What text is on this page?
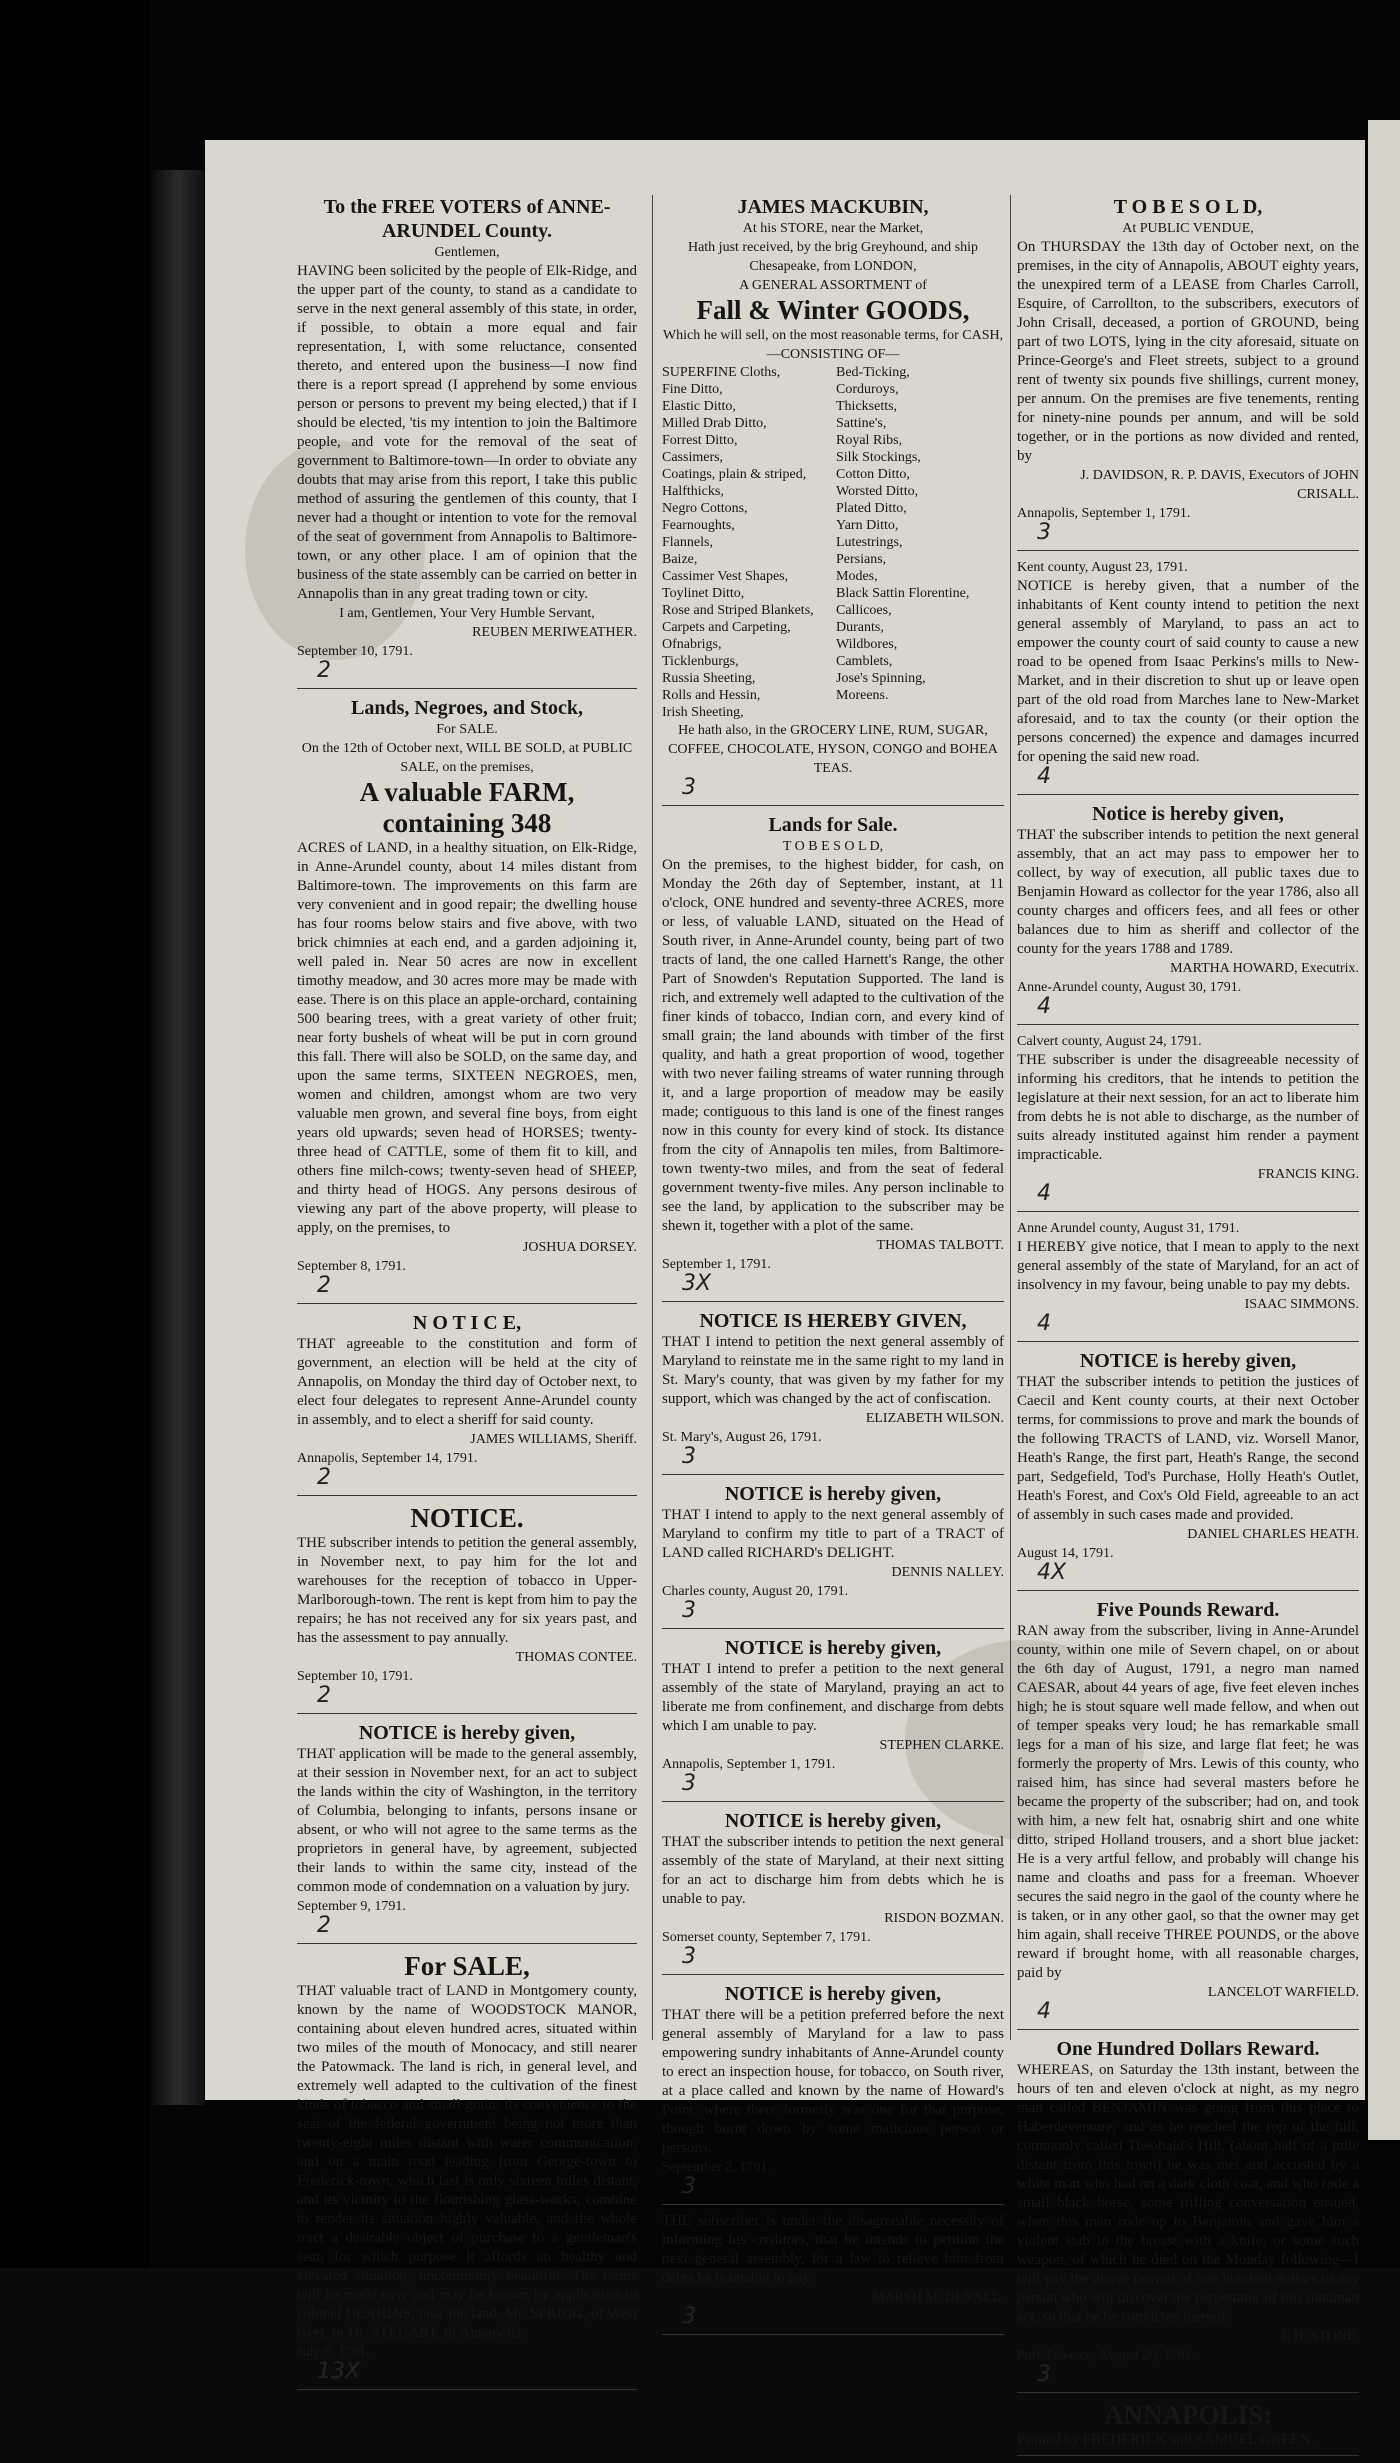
To the FREE VOTERS of ANNE-ARUNDEL County.
Gentlemen,
HAVING been solicited by the people of Elk-Ridge, and the upper part of the county, to stand as a candidate to serve in the next general assembly of this state, in order, if possible, to obtain a more equal and fair representation, I, with some reluctance, consented thereto, and entered upon the business—I now find there is a report spread (I apprehend by some envious person or persons to prevent my being elected,) that if I should be elected, 'tis my intention to join the Baltimore people, and vote for the removal of the seat of government to Baltimore-town—In order to obviate any doubts that may arise from this report, I take this public method of assuring the gentlemen of this county, that I never had a thought or intention to vote for the removal of the seat of government from Annapolis to Baltimore-town, or any other place. I am of opinion that the business of the state assembly can be carried on better in Annapolis than in any great trading town or city.
I am, Gentlemen, Your Very Humble Servant,
REUBEN MERIWEATHER.
September 10, 1791.
2
Lands, Negroes, and Stock,
For SALE.
On the 12th of October next, WILL BE SOLD, at PUBLIC SALE, on the premises,
A valuable FARM, containing 348
ACRES of LAND, in a healthy situation, on Elk-Ridge, in Anne-Arundel county, about 14 miles distant from Baltimore-town. The improvements on this farm are very convenient and in good repair; the dwelling house has four rooms below stairs and five above, with two brick chimnies at each end, and a garden adjoining it, well paled in. Near 50 acres are now in excellent timothy meadow, and 30 acres more may be made with ease. There is on this place an apple-orchard, containing 500 bearing trees, with a great variety of other fruit; near forty bushels of wheat will be put in corn ground this fall. There will also be SOLD, on the same day, and upon the same terms, SIXTEEN NEGROES, men, women and children, amongst whom are two very valuable men grown, and several fine boys, from eight years old upwards; seven head of HORSES; twenty-three head of CATTLE, some of them fit to kill, and others fine milch-cows; twenty-seven head of SHEEP, and thirty head of HOGS. Any persons desirous of viewing any part of the above property, will please to apply, on the premises, to
JOSHUA DORSEY.
September 8, 1791.
2
N O T I C E,
THAT agreeable to the constitution and form of government, an election will be held at the city of Annapolis, on Monday the third day of October next, to elect four delegates to represent Anne-Arundel county in assembly, and to elect a sheriff for said county.
JAMES WILLIAMS, Sheriff.
Annapolis, September 14, 1791.
2
NOTICE.
THE subscriber intends to petition the general assembly, in November next, to pay him for the lot and warehouses for the reception of tobacco in Upper-Marlborough-town. The rent is kept from him to pay the repairs; he has not received any for six years past, and has the assessment to pay annually.
THOMAS CONTEE.
September 10, 1791.
2
NOTICE is hereby given,
THAT application will be made to the general assembly, at their session in November next, for an act to subject the lands within the city of Washington, in the territory of Columbia, belonging to infants, persons insane or absent, or who will not agree to the same terms as the proprietors in general have, by agreement, subjected their lands to within the same city, instead of the common mode of condemnation on a valuation by jury.
September 9, 1791.
2
For SALE,
THAT valuable tract of LAND in Montgomery county, known by the name of WOODSTOCK MANOR, containing about eleven hundred acres, situated within two miles of the mouth of Monocacy, and still nearer the Patowmack. The land is rich, in general level, and extremely well adapted to the cultivation of the finest kinds of tobacco and small grain; its convenience to the seat of the federal government being not more than twenty-eight miles distant with water communication, and on a main road leading from George-town to Frederick-town, which last is only sixteen miles distant, and its vicinity to the flourishing glass-works, combine to render its situation highly valuable, and the whole tract a desirable object of purchase to a gentleman's seat, for which purpose it affords an healthy and elevated situation, uncommonly beautiful. The terms will be made easy and may be known by application to colonel DEAKINS, near the land, Mr. SPRIGG, of West river, or Dr. STEUART, of Annapolis.
July 6, 1791.
13X
JAMES MACKUBIN,
At his STORE, near the Market,
Hath just received, by the brig Greyhound, and ship Chesapeake, from LONDON,
A GENERAL ASSORTMENT of
Fall & Winter GOODS,
Which he will sell, on the most reasonable terms, for CASH,
—CONSISTING OF—
SUPERFINE Cloths,
Fine Ditto,
Elastic Ditto,
Milled Drab Ditto,
Forrest Ditto,
Cassimers,
Coatings, plain & striped,
Halfthicks,
Negro Cottons,
Fearnoughts,
Flannels,
Baize,
Cassimer Vest Shapes,
Toylinet Ditto,
Rose and Striped Blankets,
Carpets and Carpeting,
Ofnabrigs,
Ticklenburgs,
Russia Sheeting,
Rolls and Hessin,
Irish Sheeting,
Bed-Ticking,
Corduroys,
Thicksetts,
Sattine's,
Royal Ribs,
Silk Stockings,
Cotton Ditto,
Worsted Ditto,
Plated Ditto,
Yarn Ditto,
Lutestrings,
Persians,
Modes,
Black Sattin Florentine,
Callicoes,
Durants,
Wildbores,
Camblets,
Jose's Spinning,
Moreens.
He hath also, in the GROCERY LINE, RUM, SUGAR, COFFEE, CHOCOLATE, HYSON, CONGO and BOHEA TEAS.
3
Lands for Sale.
T O B E S O L D,
On the premises, to the highest bidder, for cash, on Monday the 26th day of September, instant, at 11 o'clock, ONE hundred and seventy-three ACRES, more or less, of valuable LAND, situated on the Head of South river, in Anne-Arundel county, being part of two tracts of land, the one called Harnett's Range, the other Part of Snowden's Reputation Supported. The land is rich, and extremely well adapted to the cultivation of the finer kinds of tobacco, Indian corn, and every kind of small grain; the land abounds with timber of the first quality, and hath a great proportion of wood, together with two never failing streams of water running through it, and a large proportion of meadow may be easily made; contiguous to this land is one of the finest ranges now in this county for every kind of stock. Its distance from the city of Annapolis ten miles, from Baltimore-town twenty-two miles, and from the seat of federal government twenty-five miles. Any person inclinable to see the land, by application to the subscriber may be shewn it, together with a plot of the same.
THOMAS TALBOTT.
September 1, 1791.
3X
NOTICE IS HEREBY GIVEN,
THAT I intend to petition the next general assembly of Maryland to reinstate me in the same right to my land in St. Mary's county, that was given by my father for my support, which was changed by the act of confiscation.
ELIZABETH WILSON.
St. Mary's, August 26, 1791.
3
NOTICE is hereby given,
THAT I intend to apply to the next general assembly of Maryland to confirm my title to part of a TRACT of LAND called RICHARD's DELIGHT.
DENNIS NALLEY.
Charles county, August 20, 1791.
3
NOTICE is hereby given,
THAT I intend to prefer a petition to the next general assembly of the state of Maryland, praying an act to liberate me from confinement, and discharge from debts which I am unable to pay.
STEPHEN CLARKE.
Annapolis, September 1, 1791.
3
NOTICE is hereby given,
THAT the subscriber intends to petition the next general assembly of the state of Maryland, at their next sitting for an act to discharge him from debts which he is unable to pay.
RISDON BOZMAN.
Somerset county, September 7, 1791.
3
NOTICE is hereby given,
THAT there will be a petition preferred before the next general assembly of Maryland for a law to pass empowering sundry inhabitants of Anne-Arundel county to erect an inspection house, for tobacco, on South river, at a place called and known by the name of Howard's Point, where there formerly was one for that purpose, though burnt down by some malicious person or persons.
September 2, 1791.
3
THE subscriber is under the disagreeable necessity of informing his creditors, that he intends to petition the next general assembly, for a law to relieve him from debts he is unable to pay.
MARSH M. DUVALL.
3
T O B E S O L D,
At PUBLIC VENDUE,
On THURSDAY the 13th day of October next, on the premises, in the city of Annapolis, ABOUT eighty years, the unexpired term of a LEASE from Charles Carroll, Esquire, of Carrollton, to the subscribers, executors of John Crisall, deceased, a portion of GROUND, being part of two LOTS, lying in the city aforesaid, situate on Prince-George's and Fleet streets, subject to a ground rent of twenty six pounds five shillings, current money, per annum. On the premises are five tenements, renting for ninety-nine pounds per annum, and will be sold together, or in the portions as now divided and rented, by
J. DAVIDSON, R. P. DAVIS, Executors of JOHN CRISALL.
Annapolis, September 1, 1791.
3
Kent county, August 23, 1791.
NOTICE is hereby given, that a number of the inhabitants of Kent county intend to petition the next general assembly of Maryland, to pass an act to empower the county court of said county to cause a new road to be opened from Isaac Perkins's mills to New-Market, and in their discretion to shut up or leave open part of the old road from Marches lane to New-Market aforesaid, and to tax the county (or their option the persons concerned) the expence and damages incurred for opening the said new road.
4
Notice is hereby given,
THAT the subscriber intends to petition the next general assembly, that an act may pass to empower her to collect, by way of execution, all public taxes due to Benjamin Howard as collector for the year 1786, also all county charges and officers fees, and all fees or other balances due to him as sheriff and collector of the county for the years 1788 and 1789.
MARTHA HOWARD, Executrix.
Anne-Arundel county, August 30, 1791.
4
Calvert county, August 24, 1791.
THE subscriber is under the disagreeable necessity of informing his creditors, that he intends to petition the legislature at their next session, for an act to liberate him from debts he is not able to discharge, as the number of suits already instituted against him render a payment impracticable.
FRANCIS KING.
4
Anne Arundel county, August 31, 1791.
I HEREBY give notice, that I mean to apply to the next general assembly of the state of Maryland, for an act of insolvency in my favour, being unable to pay my debts.
ISAAC SIMMONS.
4
NOTICE is hereby given,
THAT the subscriber intends to petition the justices of Caecil and Kent county courts, at their next October terms, for commissions to prove and mark the bounds of the following TRACTS of LAND, viz. Worsell Manor, Heath's Range, the first part, Heath's Range, the second part, Sedgefield, Tod's Purchase, Holly Heath's Outlet, Heath's Forest, and Cox's Old Field, agreeable to an act of assembly in such cases made and provided.
DANIEL CHARLES HEATH.
August 14, 1791.
4X
Five Pounds Reward.
RAN away from the subscriber, living in Anne-Arundel county, within one mile of Severn chapel, on or about the 6th day of August, 1791, a negro man named CAESAR, about 44 years of age, five feet eleven inches high; he is stout square well made fellow, and when out of temper speaks very loud; he has remarkable small legs for a man of his size, and large flat feet; he was formerly the property of Mrs. Lewis of this county, who raised him, has since had several masters before he became the property of the subscriber; had on, and took with him, a new felt hat, osnabrig shirt and one white ditto, striped Holland trousers, and a short blue jacket: He is a very artful fellow, and probably will change his name and cloaths and pass for a freeman. Whoever secures the said negro in the gaol of the county where he is taken, or in any other gaol, so that the owner may get him again, shall receive THREE POUNDS, or the above reward if brought home, with all reasonable charges, paid by
LANCELOT WARFIELD.
4
One Hundred Dollars Reward.
WHEREAS, on Saturday the 13th instant, between the hours of ten and eleven o'clock at night, as my negro man called BENJAMIN was going from this place to Haberdeventure, and as he reached the top of the hill, commonly called Theobald's Hill, (about half of a mile distant from this town) he was met and accosted by a white man who had on a dark cloth coat, and who rode a small black horse, some trifling conversation ensued, when this man rode up to Benjamin and gave him a violent stab in the breast with a knife, or some such weapon, of which he died on the Monday following—I will pay the above reward of one hundred dollars to any person who will discover the perpetrator of this inhuman act, so that he be convicted thereof.
J. H. STONE.
Port-Tobacco, August 20, 1791.
3
ANNAPOLIS:
Printed by FREDERICK and SAMUEL GREEN.
